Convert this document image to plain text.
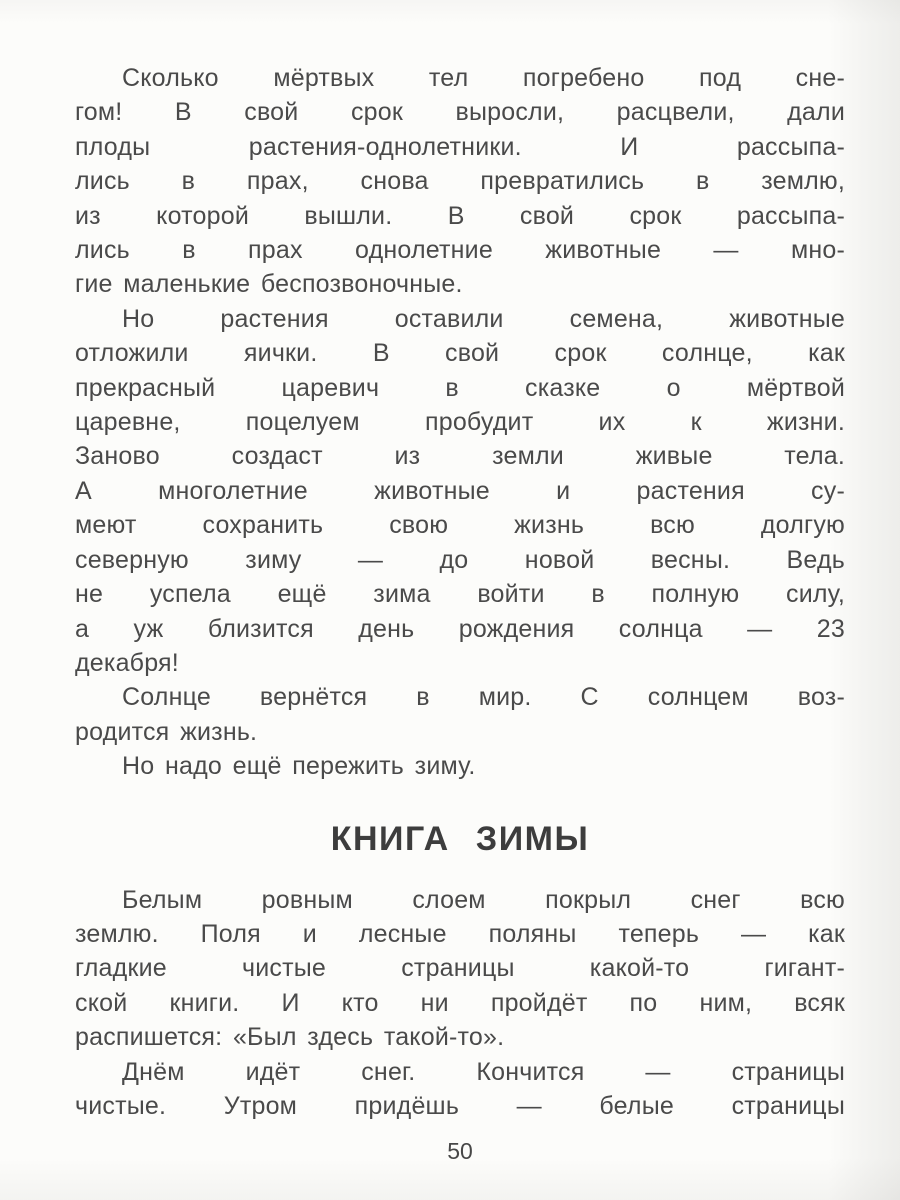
Сколько мёртвых тел погребено под сне-
гом! В свой срок выросли, расцвели, дали
плоды растения-однолетники. И рассыпа-
лись в прах, снова превратились в землю,
из которой вышли. В свой срок рассыпа-
лись в прах однолетние животные — мно-
гие маленькие беспозвоночные.

Но растения оставили семена, животные
отложили яички. В свой срок солнце, как
прекрасный царевич в сказке о мёртвой
царевне, поцелуем пробудит их к жизни.
Заново создаст из земли живые тела.
А многолетние животные и растения су-
меют сохранить свою жизнь всю долгую
северную зиму — до новой весны. Ведь
не успела ещё зима войти в полную силу,
а уж близится день рождения солнца — 23
декабря!

Солнце вернётся в мир. С солнцем воз-
родится жизнь.

Но надо ещё пережить зиму.

КНИГА ЗИМЫ

Белым ровным слоем покрыл снег всю
землю. Поля и лесные поляны теперь — как
гладкие чистые страницы какой-то гигант-
ской книги. И кто ни пройдёт по ним, всяк
распишется: «Был здесь такой-то».

Днём идёт снег. Кончится — страницы
чистые. Утром придёшь — белые страницы

50
